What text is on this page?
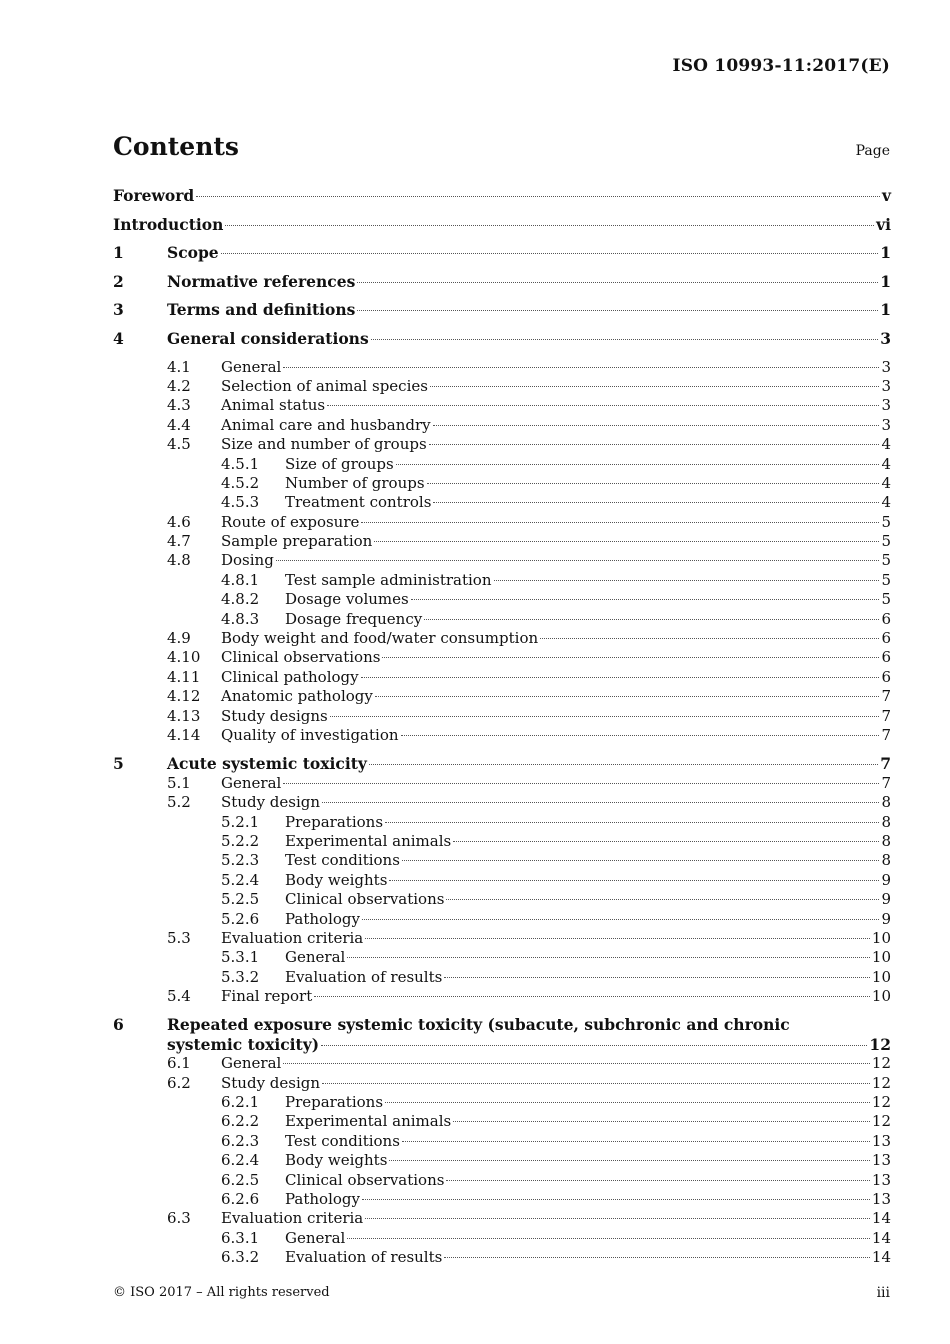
ISO 10993-11:2017(E)
Contents	Page
Foreword	v
Introduction	vi
1	Scope	1
2	Normative references	1
3	Terms and definitions	1
4	General considerations	3
4.1	General	3
4.2	Selection of animal species	3
4.3	Animal status	3
4.4	Animal care and husbandry	3
4.5	Size and number of groups	4
4.5.1	Size of groups	4
4.5.2	Number of groups	4
4.5.3	Treatment controls	4
4.6	Route of exposure	5
4.7	Sample preparation	5
4.8	Dosing	5
4.8.1	Test sample administration	5
4.8.2	Dosage volumes	5
4.8.3	Dosage frequency	6
4.9	Body weight and food/water consumption	6
4.10	Clinical observations	6
4.11	Clinical pathology	6
4.12	Anatomic pathology	7
4.13	Study designs	7
4.14	Quality of investigation	7
5	Acute systemic toxicity	7
5.1	General	7
5.2	Study design	8
5.2.1	Preparations	8
5.2.2	Experimental animals	8
5.2.3	Test conditions	8
5.2.4	Body weights	9
5.2.5	Clinical observations	9
5.2.6	Pathology	9
5.3	Evaluation criteria	10
5.3.1	General	10
5.3.2	Evaluation of results	10
5.4	Final report	10
6	Repeated exposure systemic toxicity (subacute, subchronic and chronic
systemic toxicity)	12
6.1	General	12
6.2	Study design	12
6.2.1	Preparations	12
6.2.2	Experimental animals	12
6.2.3	Test conditions	13
6.2.4	Body weights	13
6.2.5	Clinical observations	13
6.2.6	Pathology	13
6.3	Evaluation criteria	14
6.3.1	General	14
6.3.2	Evaluation of results	14
© ISO 2017 – All rights reserved	iii
